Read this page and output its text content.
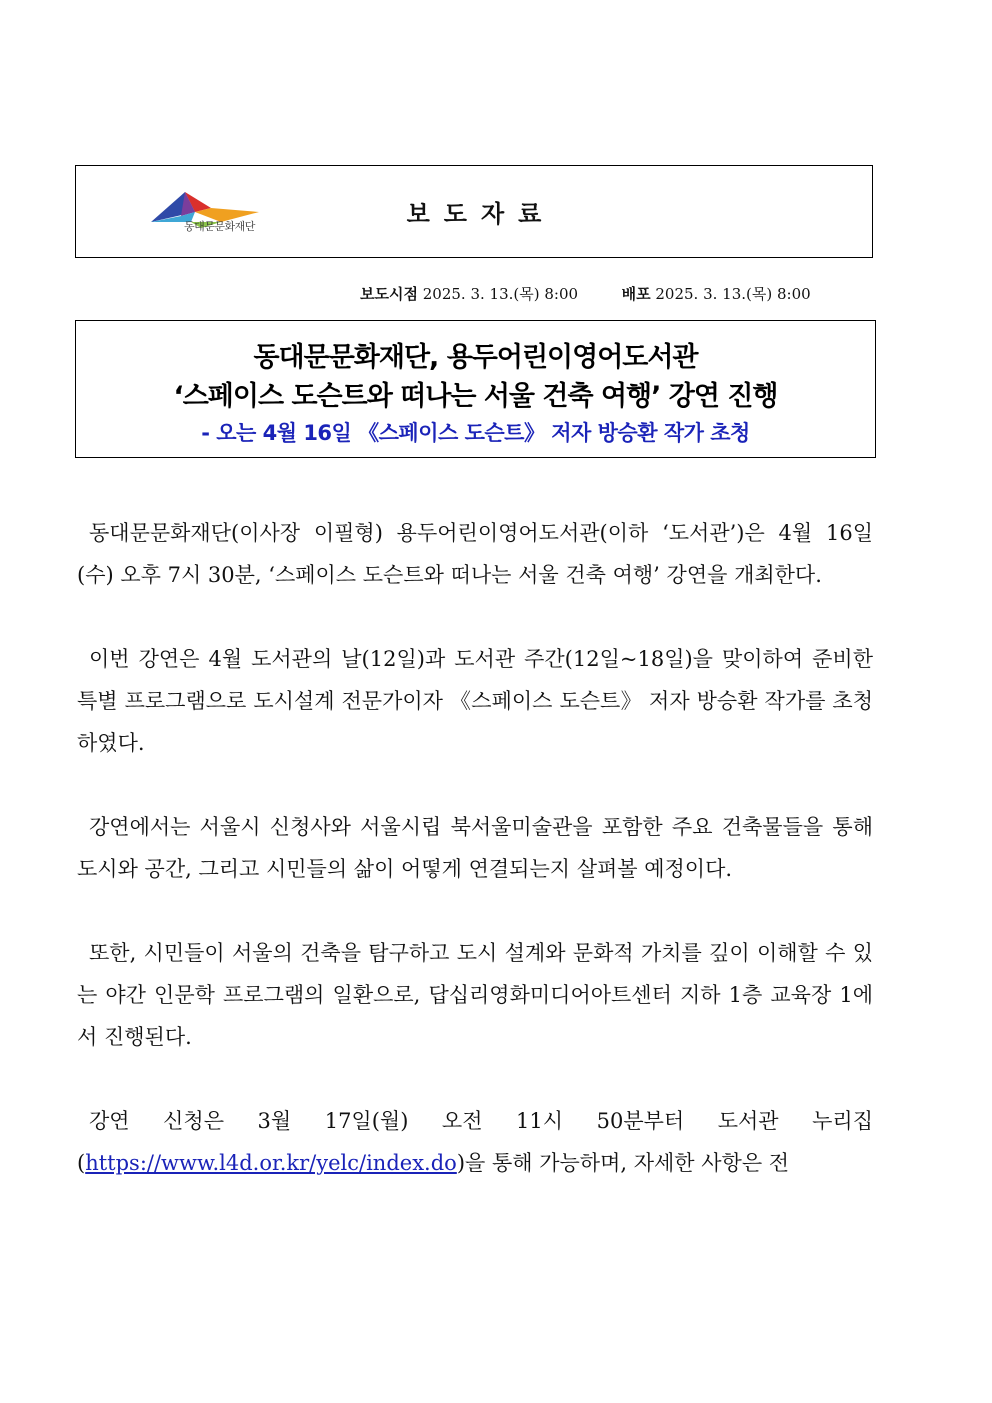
동대문문화재단	보도자료
보도시점 2025. 3. 13.(목) 8:00	배포 2025. 3. 13.(목) 8:00
동대문문화재단, 용두어린이영어도서관
‘스페이스 도슨트와 떠나는 서울 건축 여행’ 강연 진행
- 오는 4월 16일 《스페이스 도슨트》 저자 방승환 작가 초청

동대문문화재단(이사장 이필형) 용두어린이영어도서관(이하 ‘도서관’)은 4월 16일(수) 오후 7시 30분, ‘스페이스 도슨트와 떠나는 서울 건축 여행’ 강연을 개최한다.

이번 강연은 4월 도서관의 날(12일)과 도서관 주간(12일~18일)을 맞이하여 준비한 특별 프로그램으로 도시설계 전문가이자 《스페이스 도슨트》 저자 방승환 작가를 초청하였다.

강연에서는 서울시 신청사와 서울시립 북서울미술관을 포함한 주요 건축물들을 통해 도시와 공간, 그리고 시민들의 삶이 어떻게 연결되는지 살펴볼 예정이다.

또한, 시민들이 서울의 건축을 탐구하고 도시 설계와 문화적 가치를 깊이 이해할 수 있는 야간 인문학 프로그램의 일환으로, 답십리영화미디어아트센터 지하 1층 교육장 1에서 진행된다.

강연 신청은 3월 17일(월) 오전 11시 50분부터 도서관 누리집(https://www.l4d.or.kr/yelc/index.do)을 통해 가능하며, 자세한 사항은 전
